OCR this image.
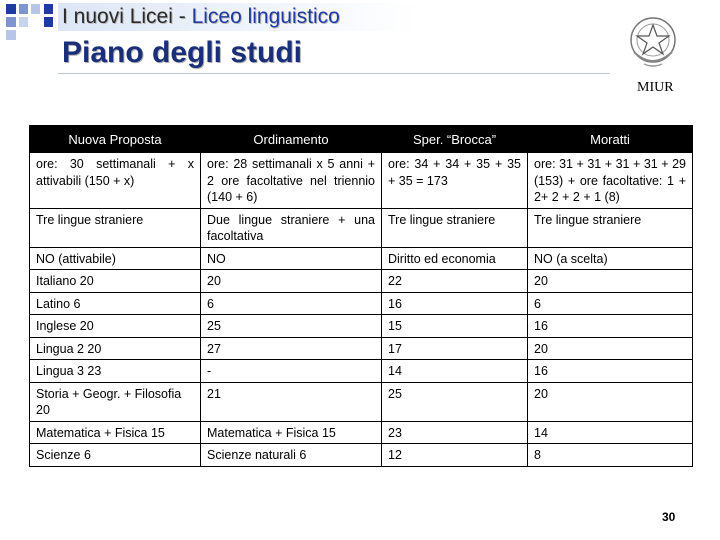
I nuovi Licei - Liceo linguistico
Piano degli studi
MIUR
Nuova Proposta	Ordinamento	Sper. “Brocca”	Moratti
ore: 30 settimanali + x attivabili (150 + x)	ore: 28 settimanali x 5 anni + 2 ore facoltative nel triennio (140 + 6)	ore: 34 + 34 + 35 + 35 + 35 = 173	ore: 31 + 31 + 31 + 31 + 29 (153) + ore facoltative: 1 + 2+ 2 + 2 + 1 (8)
Tre lingue straniere	Due lingue straniere + una facoltativa	Tre lingue straniere	Tre lingue straniere
NO (attivabile)	NO	Diritto ed economia	NO (a scelta)
Italiano 20	20	22	20
Latino 6	6	16	6
Inglese 20	25	15	16
Lingua 2 20	27	17	20
Lingua 3 23	-	14	16
Storia + Geogr. + Filosofia 20	21	25	20
Matematica + Fisica 15	Matematica + Fisica 15	23	14
Scienze 6	Scienze naturali 6	12	8
30
